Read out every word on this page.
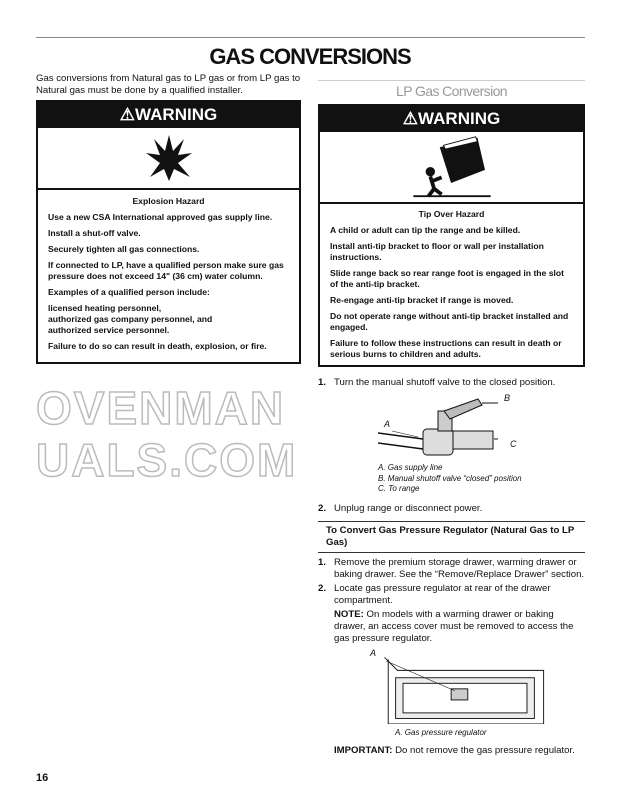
GAS CONVERSIONS
Gas conversions from Natural gas to LP gas or from LP gas to Natural gas must be done by a qualified installer.
⚠WARNING

Explosion Hazard

Use a new CSA International approved gas supply line.

Install a shut-off valve.

Securely tighten all gas connections.

If connected to LP, have a qualified person make sure gas pressure does not exceed 14" (36 cm) water column.

Examples of a qualified person include:

licensed heating personnel,
authorized gas company personnel, and
authorized service personnel.

Failure to do so can result in death, explosion, or fire.

LP Gas Conversion
⚠WARNING

Tip Over Hazard

A child or adult can tip the range and be killed.

Install anti-tip bracket to floor or wall per installation instructions.

Slide range back so rear range foot is engaged in the slot of the anti-tip bracket.

Re-engage anti-tip bracket if range is moved.

Do not operate range without anti-tip bracket installed and engaged.

Failure to follow these instructions can result in death or serious burns to children and adults.

1. Turn the manual shutoff valve to the closed position.
OVENMANUALS.COM
B
A
C
A. Gas supply line
B. Manual shutoff valve “closed” position
C. To range
2. Unplug range or disconnect power.
To Convert Gas Pressure Regulator (Natural Gas to LP Gas)
1. Remove the premium storage drawer, warming drawer or baking drawer. See the “Remove/Replace Drawer” section.
2. Locate gas pressure regulator at rear of the drawer compartment.
NOTE: On models with a warming drawer or baking drawer, an access cover must be removed to access the gas pressure regulator.
A
A. Gas pressure regulator
IMPORTANT: Do not remove the gas pressure regulator.
16
